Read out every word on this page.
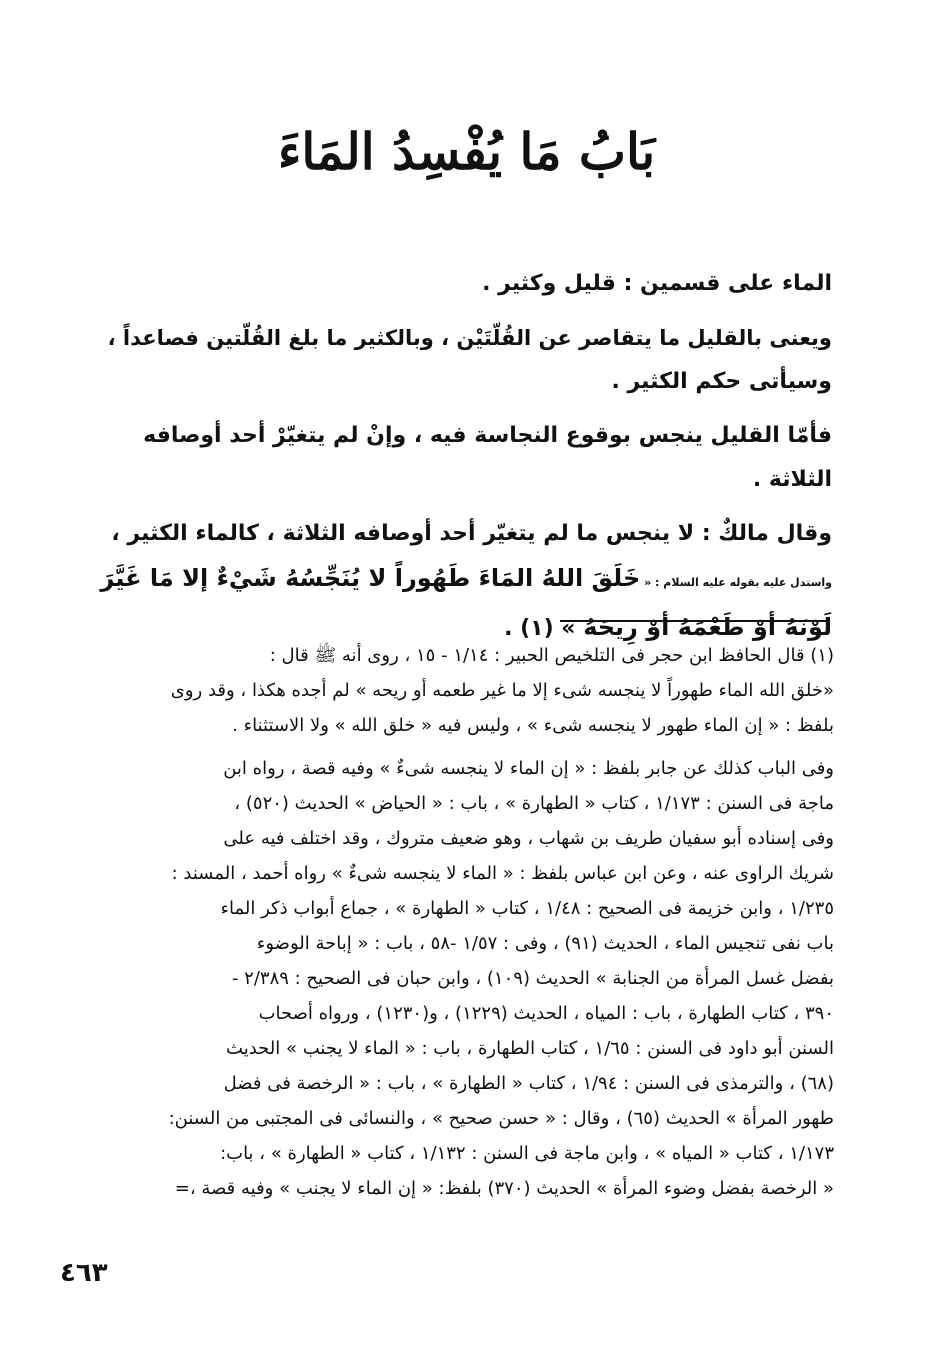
بَابُ مَا يُفْسِدُ المَاءَ

الماء على قسمين : قليل وكثير .

ويعنى بالقليل ما يتقاصر عن القُلّتَيْن ، وبالكثير ما بلغ القُلّتين فصاعداً ،
وسيأتى حكم الكثير .

فأمّا القليل ينجس بوقوع النجاسة فيه ، وإنْ لم يتغيّرْ أحد أوصافه الثلاثة .

وقال مالكٌ : لا ينجس ما لم يتغيّر أحد أوصافه الثلاثة ، كالماء الكثير ،
واستدل عليه بقوله عليه السلام : « خَلَقَ اللهُ المَاءَ طَهُوراً لا يُنَجِّسُهُ شَيْءٌ إلا مَا غَيَّرَ
لَوْنَهُ أوْ طَعْمَهُ أوْ رِيحَهُ » (١) .

(١) قال الحافظ ابن حجر فى التلخيص الحبير : ١/١٤ - ١٥ ، روى أنه ﷺ قال :
«خلق الله الماء طهوراً لا ينجسه شىء إلا ما غير طعمه أو ريحه » لم أجده هكذا ، وقد روى
بلفظ : « إن الماء طهور لا ينجسه شىء » ، وليس فيه « خلق الله » ولا الاستثناء .

وفى الباب كذلك عن جابر بلفظ : « إن الماء لا ينجسه شىءٌ » وفيه قصة ، رواه ابن
ماجة فى السنن : ١/١٧٣ ، كتاب « الطهارة » ، باب : « الحياض » الحديث (٥٢٠) ،
وفى إسناده أبو سفيان طريف بن شهاب ، وهو ضعيف متروك ، وقد اختلف فيه على
شريك الراوى عنه ، وعن ابن عباس بلفظ : « الماء لا ينجسه شىءٌ » رواه أحمد ، المسند :
١/٢٣٥ ، وابن خزيمة فى الصحيح : ١/٤٨ ، كتاب « الطهارة » ، جماع أبواب ذكر الماء
باب نفى تنجيس الماء ، الحديث (٩١) ، وفى : ١/٥٧ -٥٨ ، باب : « إباحة الوضوء
بفضل غسل المرأة من الجنابة » الحديث (١٠٩) ، وابن حبان فى الصحيح : ٢/٣٨٩ -
٣٩٠ ، كتاب الطهارة ، باب : المياه ، الحديث (١٢٢٩) ، و(١٢٣٠) ، ورواه أصحاب
السنن أبو داود فى السنن : ١/٦٥ ، كتاب الطهارة ، باب : « الماء لا يجنب » الحديث
(٦٨) ، والترمذى فى السنن : ١/٩٤ ، كتاب « الطهارة » ، باب : « الرخصة فى فضل
طهور المرأة » الحديث (٦٥) ، وقال : « حسن صحيح » ، والنسائى فى المجتبى من السنن:
١/١٧٣ ، كتاب « المياه » ، وابن ماجة فى السنن : ١/١٣٢ ، كتاب « الطهارة » ، باب:
« الرخصة بفضل وضوء المرأة » الحديث (٣٧٠) بلفظ: « إن الماء لا يجنب » وفيه قصة ،=

٤٦٣
